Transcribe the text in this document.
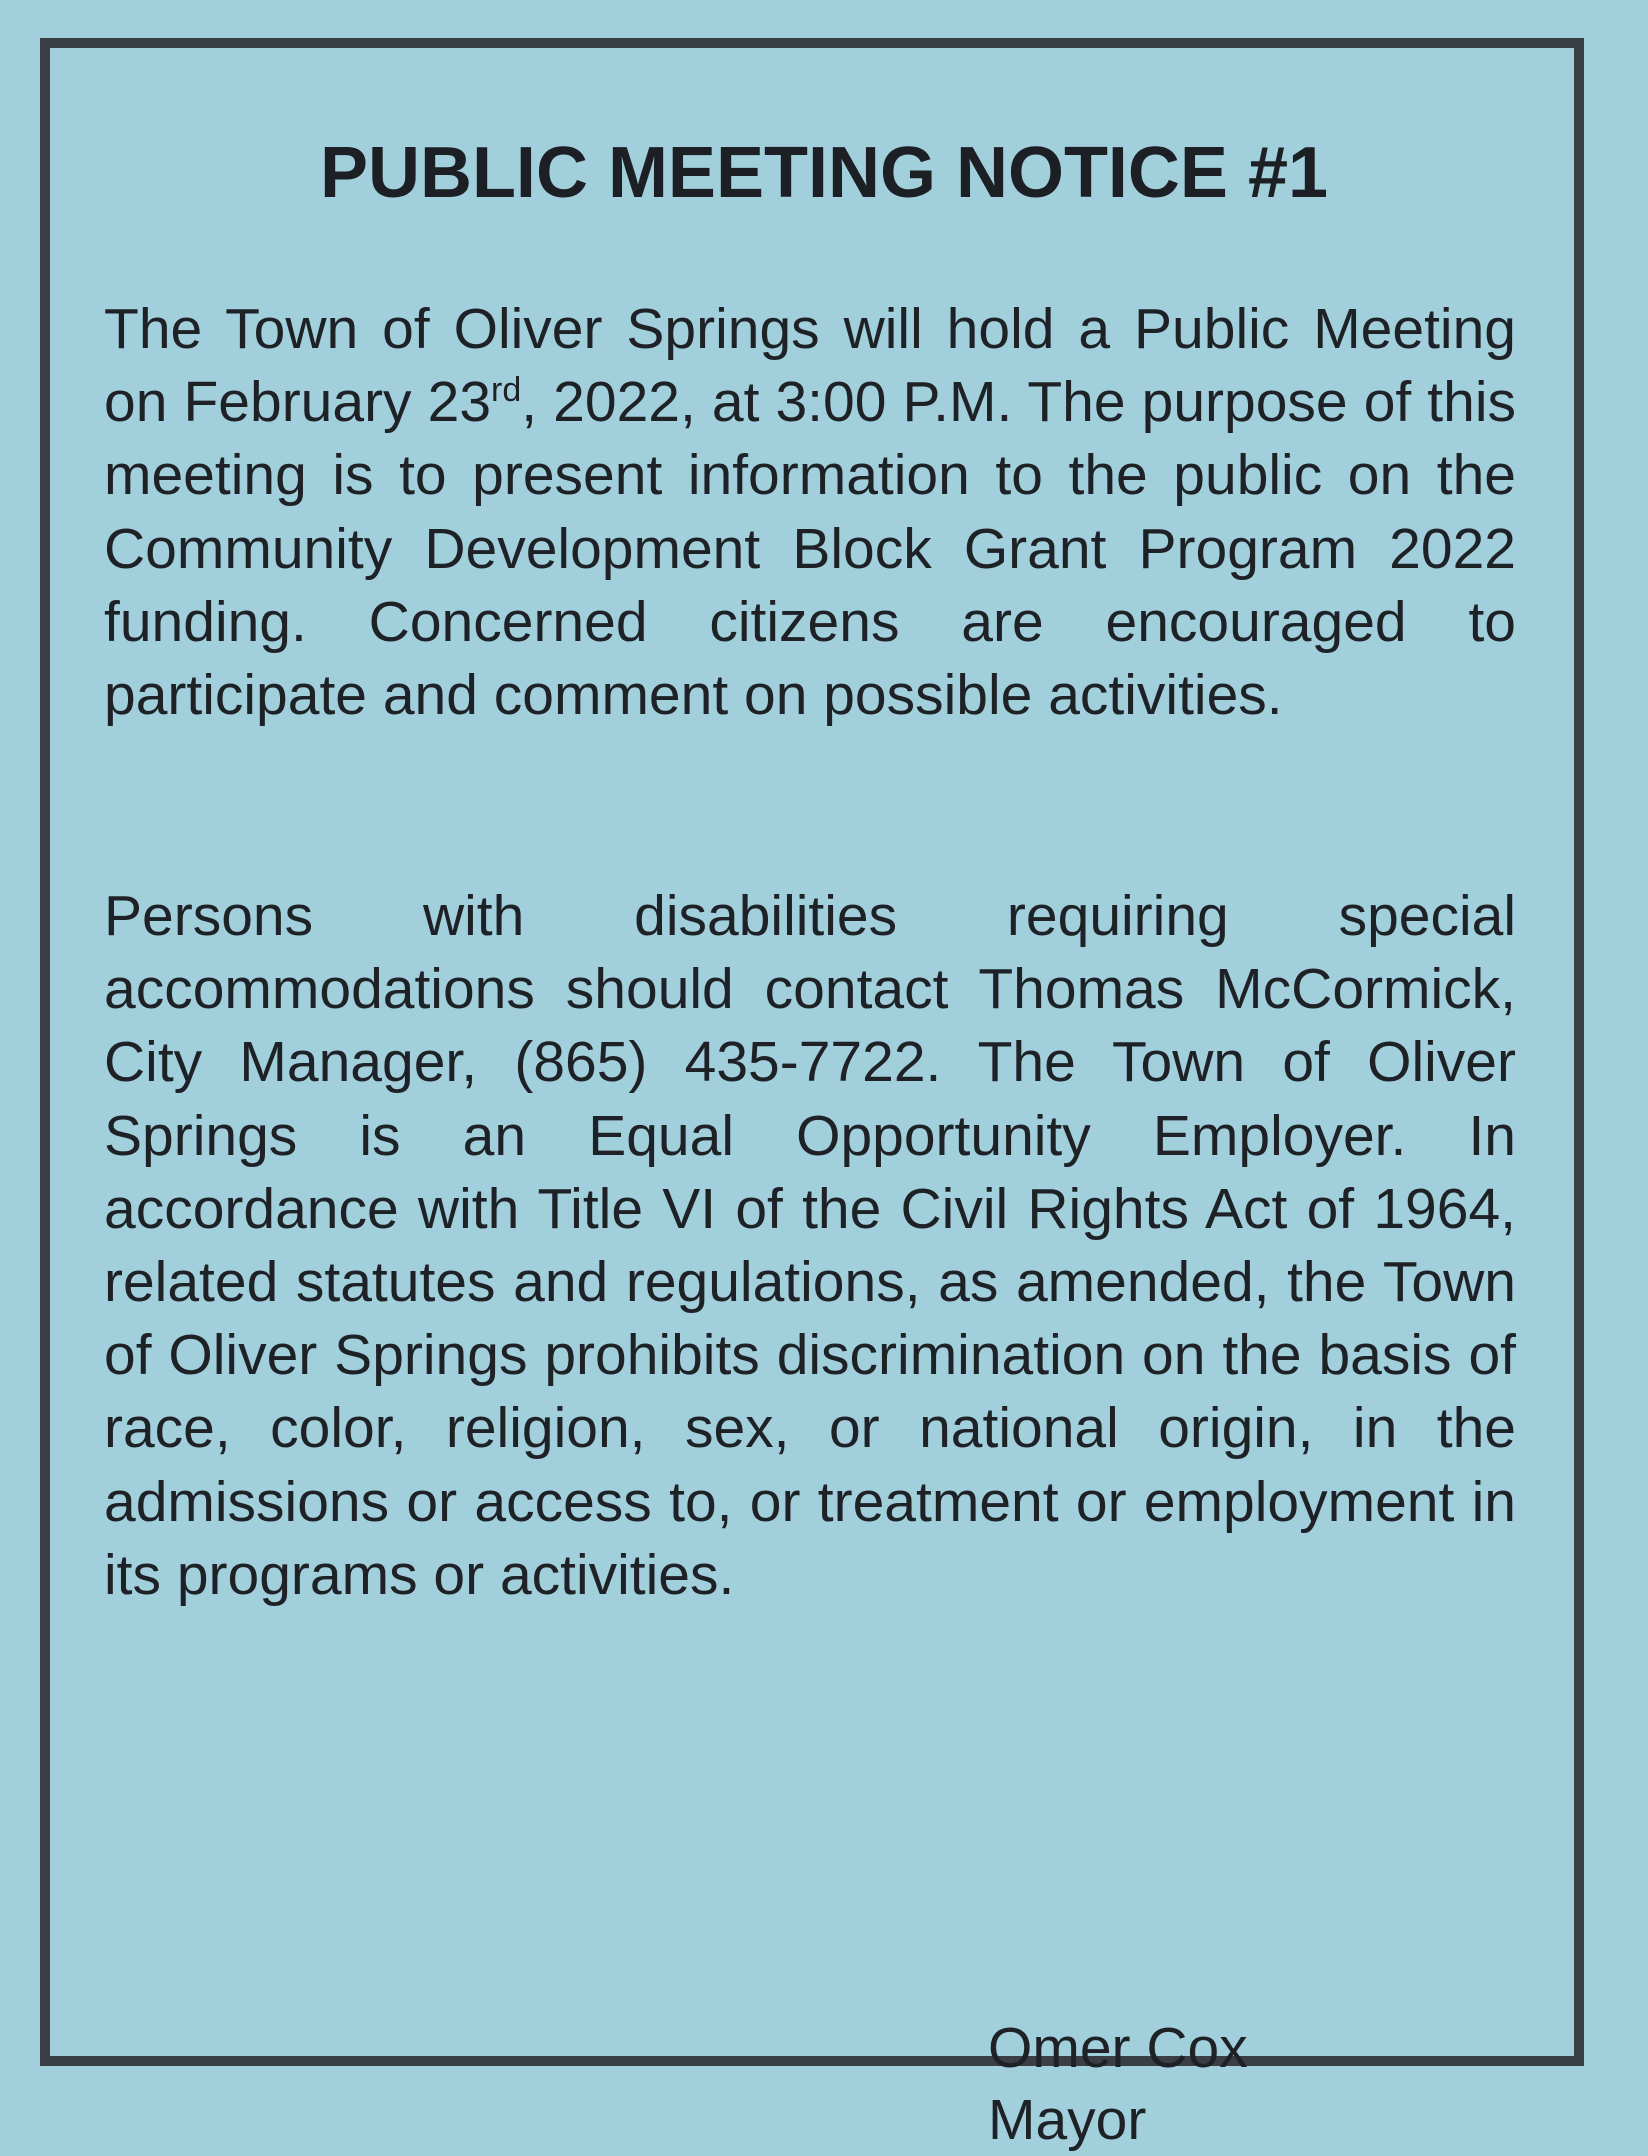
PUBLIC MEETING NOTICE #1

The Town of Oliver Springs will hold a Public Meeting on February 23rd, 2022, at 3:00 P.M. The purpose of this meeting is to present information to the public on the Community Development Block Grant Program 2022 funding. Concerned citizens are encouraged to participate and comment on possible activities.

Persons with disabilities requiring special accommodations should contact Thomas McCormick, City Manager, (865) 435-7722. The Town of Oliver Springs is an Equal Opportunity Employer. In accordance with Title VI of the Civil Rights Act of 1964, related statutes and regulations, as amended, the Town of Oliver Springs prohibits discrimination on the basis of race, color, religion, sex, or national origin, in the admissions or access to, or treatment or employment in its programs or activities.

Omer Cox
Mayor
